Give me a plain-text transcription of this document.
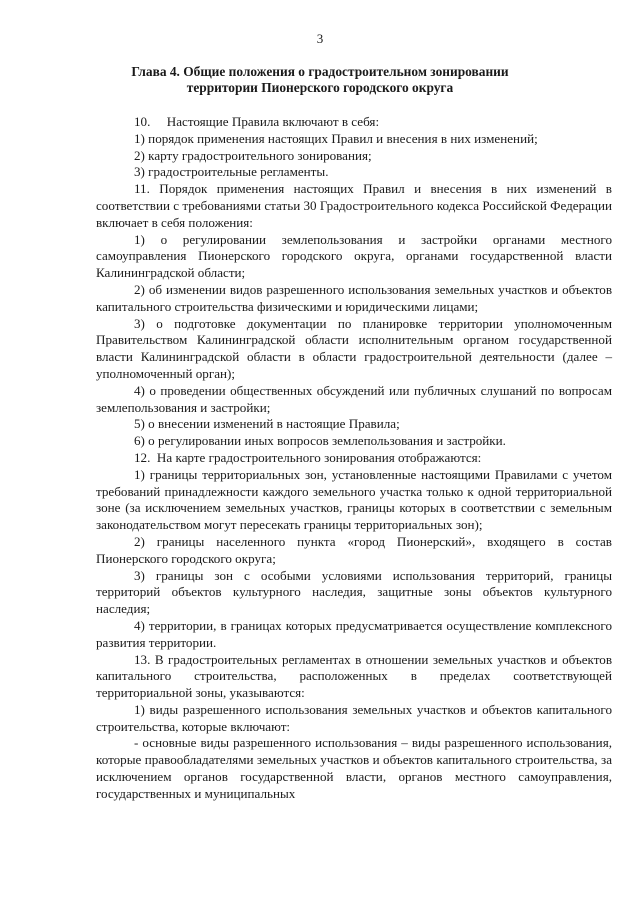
3
Глава 4. Общие положения о градостроительном зонировании территории Пионерского городского округа

10.     Настоящие Правила включают в себя:

1) порядок применения настоящих Правил и внесения в них изменений;

2) карту градостроительного зонирования;

3) градостроительные регламенты.

11. Порядок применения настоящих Правил и внесения в них изменений в соответствии с требованиями статьи 30 Градостроительного кодекса Российской Федерации включает в себя положения:

1) о регулировании землепользования и застройки органами местного самоуправления Пионерского городского округа, органами государственной власти Калининградской области;

2) об изменении видов разрешенного использования земельных участков и объектов капитального строительства физическими и юридическими лицами;

3) о подготовке документации по планировке территории уполномоченным Правительством Калининградской области исполнительным органом государственной власти Калининградской области в области градостроительной деятельности (далее – уполномоченный орган);

4) о проведении общественных обсуждений или публичных слушаний по вопросам землепользования и застройки;

5) о внесении изменений в настоящие Правила;

6) о регулировании иных вопросов землепользования и застройки.

12.  На карте градостроительного зонирования отображаются:

1) границы территориальных зон, установленные настоящими Правилами с учетом требований принадлежности каждого земельного участка только к одной территориальной зоне (за исключением земельных участков, границы которых в соответствии с земельным законодательством могут пересекать границы территориальных зон);

2) границы населенного пункта «город Пионерский», входящего в состав Пионерского городского округа;

3) границы зон с особыми условиями использования территорий, границы территорий объектов культурного наследия, защитные зоны объектов культурного наследия;

4) территории, в границах которых предусматривается осуществление комплексного развития территории.

13. В градостроительных регламентах в отношении земельных участков и объектов капитального строительства, расположенных в пределах соответствующей территориальной зоны, указываются:

1) виды разрешенного использования земельных участков и объектов капитального строительства, которые включают:

- основные виды разрешенного использования – виды разрешенного использования, которые правообладателями земельных участков и объектов капитального строительства, за исключением органов государственной власти, органов местного самоуправления, государственных и муниципальных
